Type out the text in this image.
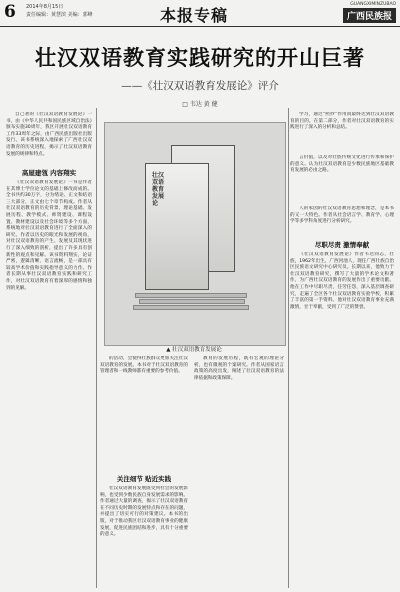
6 2014年8月15日
责任编辑：黄慧滨 美编：郭峰	本报专稿
GUANGXIMINZUBAO
广西民族报
壮汉双语教育实践研究的开山巨著
——《壮汉双语教育发展论》评介
□ 韦达 黄 健

自己著的《壮汉双语教育发展论》一书，由《中华人民共和国民族区域自治法》颁布实施30周年，我区开展壮汉双语教育工作33周年之际，由广西民族出版社出版发行。该书系统深入地探索了广西壮汉双语教育的历史进程，揭示了壮汉双语教育发展的规律和特点。

高屋建瓴 内容翔实

《壮汉双语教育发展论》一书是作者在其博士学位论文的基础上修改而成的。全书共约30万字，分为绪论、正文和结语三大部分，正文由七个章节构成。作者从壮汉双语教育的历史背景、理论基础、发展历程、教学模式、师资建设、课程设置、教材建设以及社会环境等多个方面，系统地对壮汉双语教育进行了全面深入的研究。作者以历史的眼光和发展的视角，对壮汉双语教育的产生、发展及其现状进行了深入细致的剖析，提出了许多具有创新性的观点和见解。该书资料翔实，论证严密，逻辑清晰，语言流畅，是一部具有较高学术价值和实践指导意义的力作。作者长期从事壮汉双语教育实践和研究工作，对壮汉双语教育有着深厚的感情和独到的见解。

壮汉双语教育发展论
▲ 壮汉双语教育发展论

学习，通过“照抄”作用而最终达到壮汉双语教育的目的。在第二部分，作者对壮汉双语教育的实践进行了深入的分析和总结。

言价值，以及对壮族传统文化进行传承和保护的意义。认为壮汉双语教育是少数民族地区基础教育发展的必由之路。

人的家园的壮汉双语教育思想和理念，是本书的又一大特色。作者从社会语言学、教育学、心理学等多学科角度进行分析研究。

尽职尽责 激情奉献

《壮汉双语教育发展论》作者韦达同志，壮族，1962年出生，广西河池人，现任广西壮族自治区民族语文研究中心研究员。长期以来，他致力于壮汉双语教育研究，撰写了大量的学术论文和著作，为广西壮汉双语教育的发展作出了重要贡献。他在工作中尽职尽责，任劳任怨，深入基层调查研究，走遍了全区各个壮汉双语教育实验学校，积累了丰富的第一手资料。他对壮汉双语教育事业充满激情，甘于奉献，受到了广泛的赞誉。

的活动，会使得壮族群众更加关注壮汉双语教育的发展。本书对于壮汉双语教育的管理者和一线教师都有重要的参考价值。

关注细节 贴近实践

壮汉双语教育发展既受到社会的发展影响，也受到少数民族自身发展需求的影响。作者通过大量的调查，揭示了壮汉双语教育在不同历史时期的发展特点和存在的问题，并提出了切实可行的对策建议。本书的出版，对于推动我区壮汉双语教育事业的健康发展，促进民族团结和进步，具有十分重要的意义。

教育的发展历程，既有宏观的理论分析，也有微观的个案研究。作者从国家语言政策的高度出发，阐述了壮汉双语教育的法律依据和政策保障。
